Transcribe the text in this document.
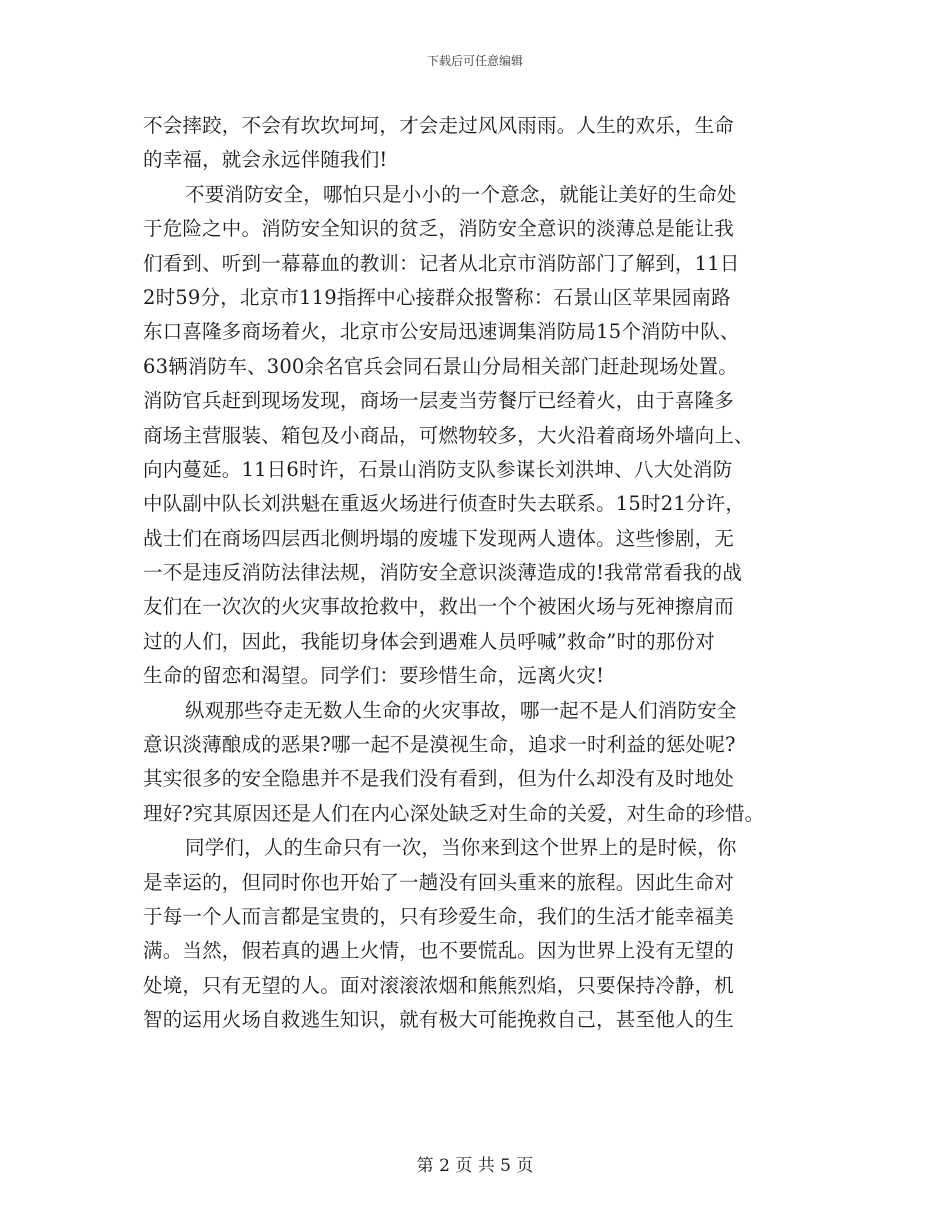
下载后可任意编辑
不会摔跤，不会有坎坎坷坷，才会走过风风雨雨。人生的欢乐，生命
的幸福，就会永远伴随我们!
不要消防安全，哪怕只是小小的一个意念，就能让美好的生命处
于危险之中。消防安全知识的贫乏，消防安全意识的淡薄总是能让我
们看到、听到一幕幕血的教训：记者从北京市消防部门了解到，11日
2时59分，北京市119指挥中心接群众报警称：石景山区苹果园南路
东口喜隆多商场着火，北京市公安局迅速调集消防局15个消防中队、
63辆消防车、300余名官兵会同石景山分局相关部门赶赴现场处置。
消防官兵赶到现场发现，商场一层麦当劳餐厅已经着火，由于喜隆多
商场主营服装、箱包及小商品，可燃物较多，大火沿着商场外墙向上、
向内蔓延。11日6时许，石景山消防支队参谋长刘洪坤、八大处消防
中队副中队长刘洪魁在重返火场进行侦查时失去联系。15时21分许，
战士们在商场四层西北侧坍塌的废墟下发现两人遗体。这些惨剧，无
一不是违反消防法律法规，消防安全意识淡薄造成的!我常常看我的战
友们在一次次的火灾事故抢救中，救出一个个被困火场与死神擦肩而
过的人们，因此，我能切身体会到遇难人员呼喊”救命”时的那份对
生命的留恋和渴望。同学们：要珍惜生命，远离火灾!
纵观那些夺走无数人生命的火灾事故，哪一起不是人们消防安全
意识淡薄酿成的恶果?哪一起不是漠视生命，追求一时利益的惩处呢?
其实很多的安全隐患并不是我们没有看到，但为什么却没有及时地处
理好?究其原因还是人们在内心深处缺乏对生命的关爱，对生命的珍惜。
同学们，人的生命只有一次，当你来到这个世界上的是时候，你
是幸运的，但同时你也开始了一趟没有回头重来的旅程。因此生命对
于每一个人而言都是宝贵的，只有珍爱生命，我们的生活才能幸福美
满。当然，假若真的遇上火情，也不要慌乱。因为世界上没有无望的
处境，只有无望的人。面对滚滚浓烟和熊熊烈焰，只要保持冷静，机
智的运用火场自救逃生知识，就有极大可能挽救自己，甚至他人的生
第 2 页 共 5 页
